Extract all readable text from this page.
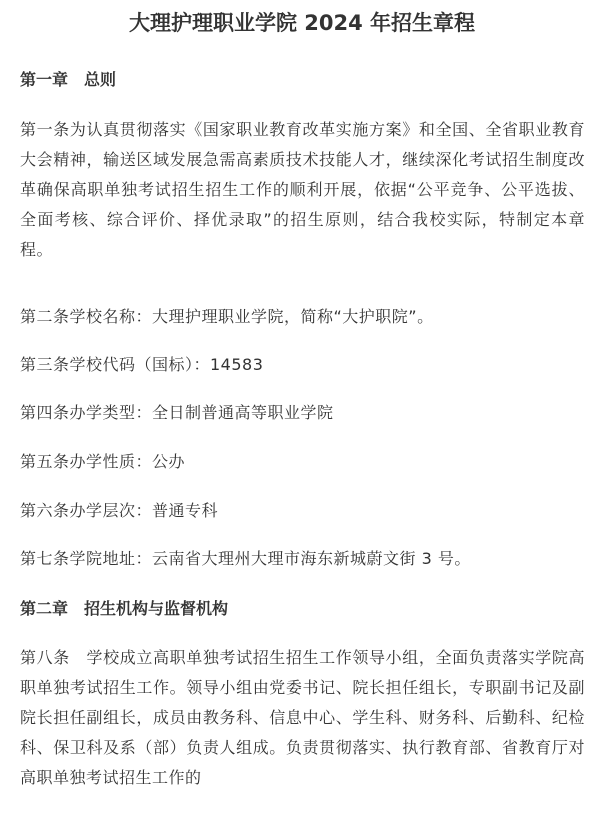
大理护理职业学院 2024 年招生章程
第一章　总则
第一条为认真贯彻落实《国家职业教育改革实施方案》和全国、全省职业教育大会精神，输送区域发展急需高素质技术技能人才，继续深化考试招生制度改革确保高职单独考试招生招生工作的顺利开展，依据“公平竞争、公平选拔、全面考核、综合评价、择优录取”的招生原则，结合我校实际，特制定本章程。
第二条学校名称：大理护理职业学院，简称“大护职院”。
第三条学校代码（国标）：14583
第四条办学类型：全日制普通高等职业学院
第五条办学性质：公办
第六条办学层次：普通专科
第七条学院地址：云南省大理州大理市海东新城蔚文街 3 号。
第二章　招生机构与监督机构
第八条　学校成立高职单独考试招生招生工作领导小组，全面负责落实学院高职单独考试招生工作。领导小组由党委书记、院长担任组长，专职副书记及副院长担任副组长，成员由教务科、信息中心、学生科、财务科、后勤科、纪检科、保卫科及系（部）负责人组成。负责贯彻落实、执行教育部、省教育厅对高职单独考试招生工作的
